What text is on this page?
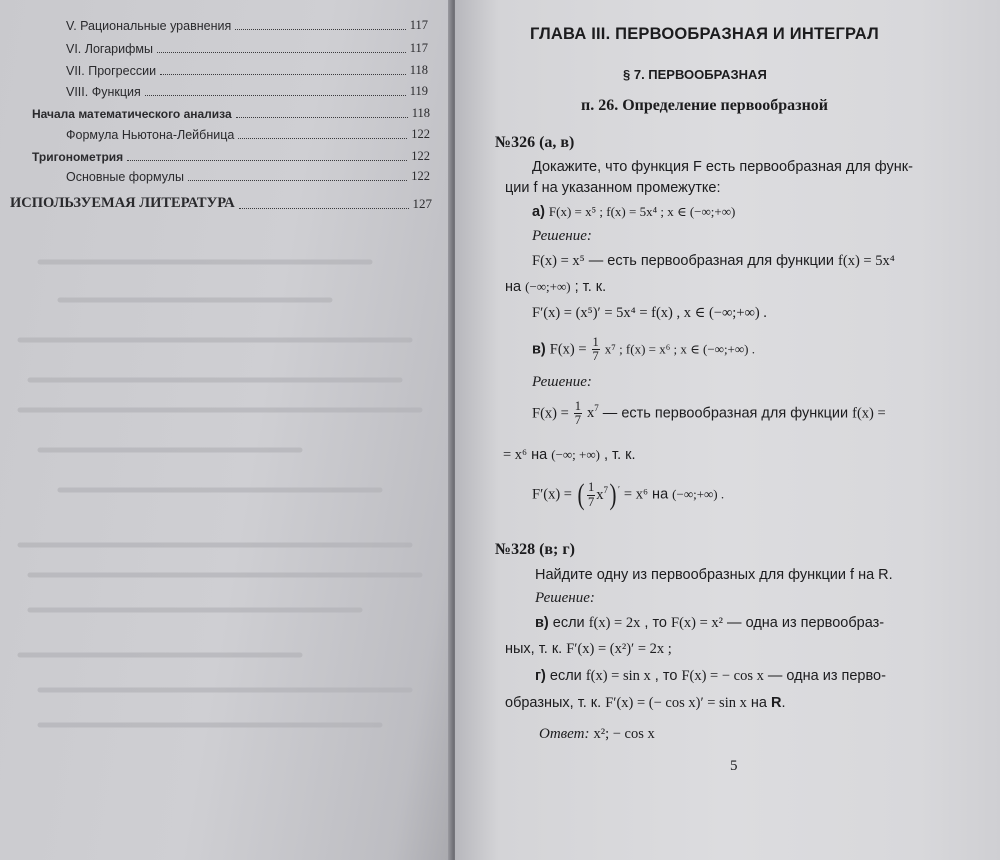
V. Рациональные уравнения	117
VI. Логарифмы	117
VII. Прогрессии	118
VIII. Функция	119
Начала математического анализа	118
Формула Ньютона-Лейбница	122
Тригонометрия	122
Основные формулы	122
ИСПОЛЬЗУЕМАЯ ЛИТЕРАТУРА	127
ГЛАВА III. ПЕРВООБРАЗНАЯ И ИНТЕГРАЛ
§ 7. ПЕРВООБРАЗНАЯ
п. 26. Определение первообразной
№326 (а, в)
Докажите, что функция F есть первообразная для функ-
ции f на указанном промежутке:
а) F(x) = x⁵ ; f(x) = 5x⁴ ; x ∈ (−∞;+∞)
Решение:
F(x) = x⁵ — есть первообразная для функции f(x) = 5x⁴
на (−∞;+∞) ; т. к.
F′(x) = (x⁵)′ = 5x⁴ = f(x) , x ∈ (−∞;+∞) .
в) $F(x) = \frac{1}{7} x^7$ ; f(x) = x⁶ ; x ∈ (−∞;+∞) .
Решение:
$F(x) = \frac{1}{7} x^7$ — есть первообразная для функции f(x) =
= x⁶ на (−∞; +∞) , т. к.
F′(x) = ( $\frac{1}{7} x^7$) ′ = x⁶ на (−∞;+∞) .
№328 (в; г)
Найдите одну из первообразных для функции f на R.
Решение:
в) если f(x) = 2x , то F(x) = x² — одна из первообраз-
ных, т. к. F′(x) = (x²)′ = 2x ;
г) если f(x) = sin x , то F(x) = − cos x — одна из перво-
образных, т. к. F′(x) = (− cos x)′ = sin x на R.
Ответ: x²; − cos x
5
